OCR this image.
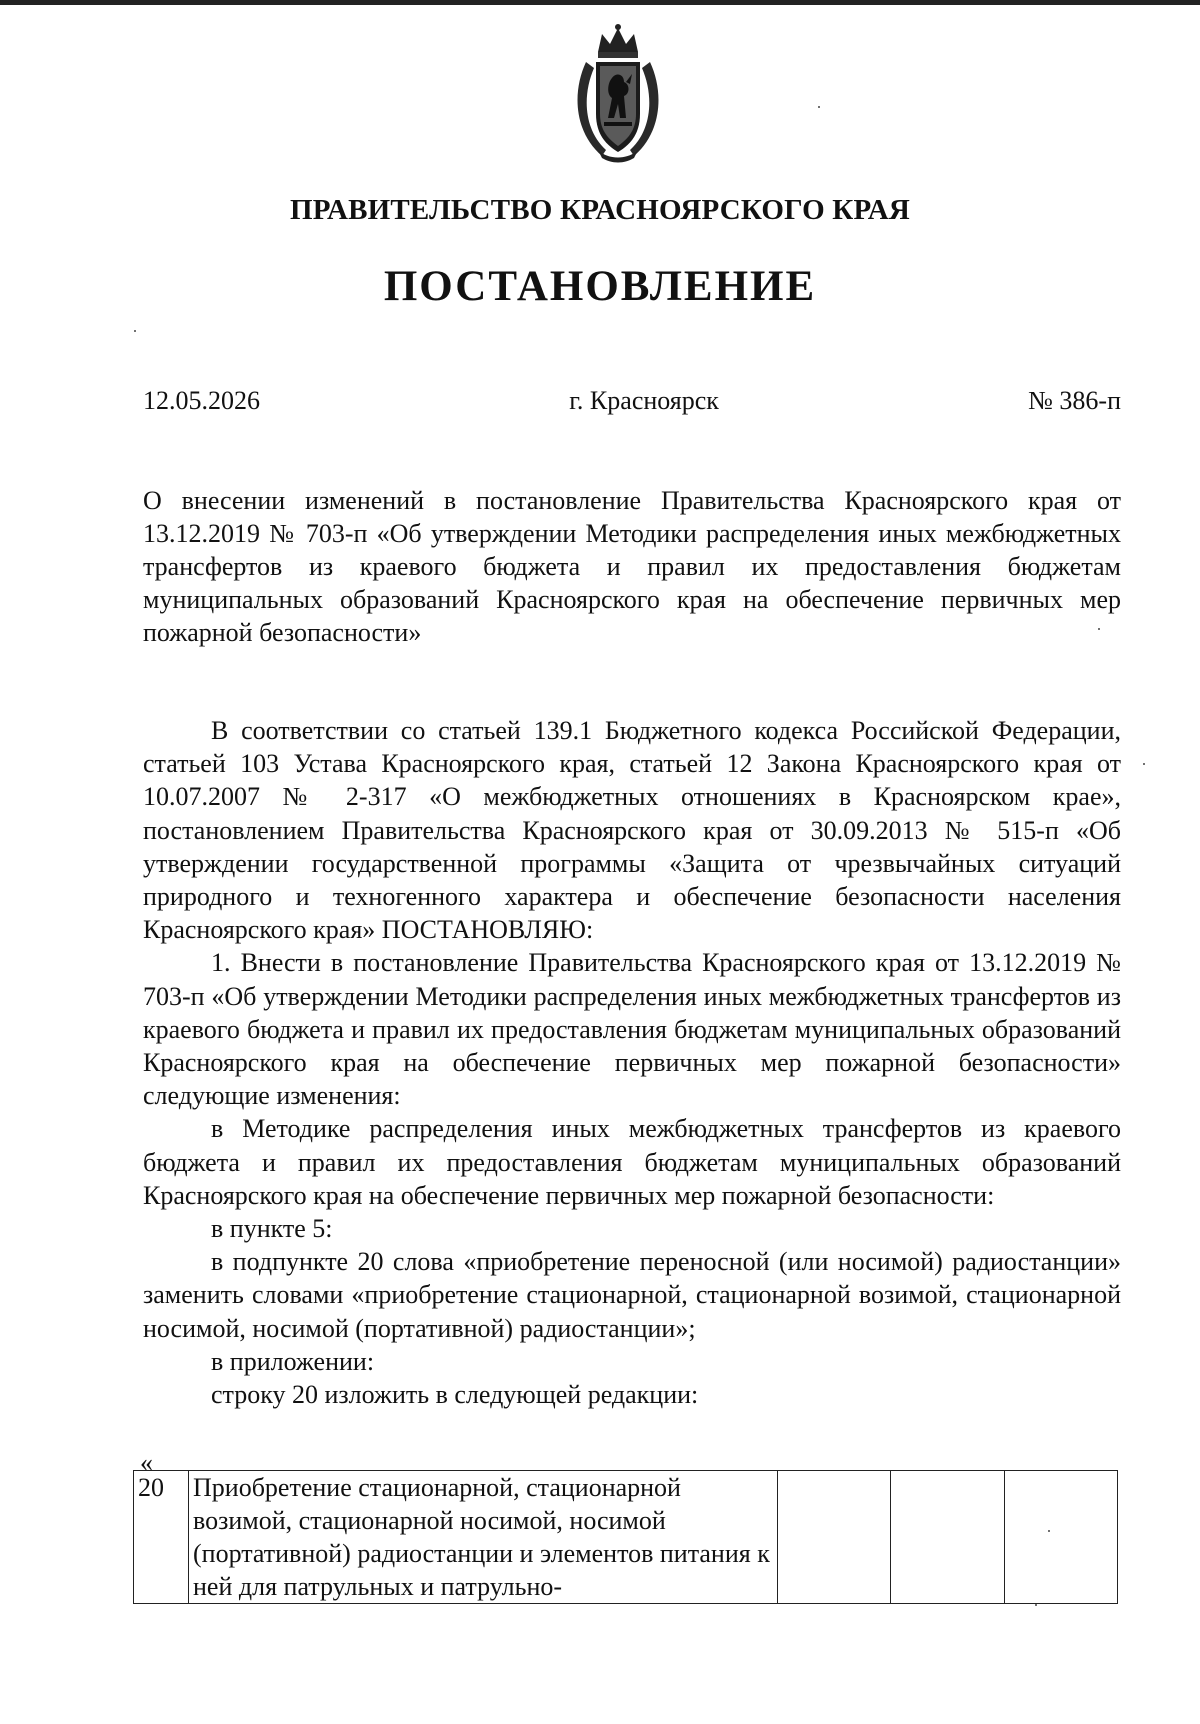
ПРАВИТЕЛЬСТВО КРАСНОЯРСКОГО КРАЯ
ПОСТАНОВЛЕНИЕ
12.05.2026	г. Красноярск	№ 386-п
О внесении изменений в постановление Правительства Красноярского края от 13.12.2019 № 703-п «Об утверждении Методики распределения иных межбюджетных трансфертов из краевого бюджета и правил их предоставления бюджетам муниципальных образований Красноярского края на обеспечение первичных мер пожарной безопасности»

В соответствии со статьей 139.1 Бюджетного кодекса Российской Федерации, статьей 103 Устава Красноярского края, статьей 12 Закона Красноярского края от 10.07.2007 № 2-317 «О межбюджетных отношениях в Красноярском крае», постановлением Правительства Красноярского края от 30.09.2013 № 515-п «Об утверждении государственной программы «Защита от чрезвычайных ситуаций природного и техногенного характера и обеспечение безопасности населения Красноярского края» ПОСТАНОВЛЯЮ:

1. Внести в постановление Правительства Красноярского края от 13.12.2019 № 703-п «Об утверждении Методики распределения иных межбюджетных трансфертов из краевого бюджета и правил их предоставления бюджетам муниципальных образований Красноярского края на обеспечение первичных мер пожарной безопасности» следующие изменения:

в Методике распределения иных межбюджетных трансфертов из краевого бюджета и правил их предоставления бюджетам муниципальных образований Красноярского края на обеспечение первичных мер пожарной безопасности:

в пункте 5:

в подпункте 20 слова «приобретение переносной (или носимой) радиостанции» заменить словами «приобретение стационарной, стационарной возимой, стационарной носимой, носимой (портативной) радиостанции»;

в приложении:

строку 20 изложить в следующей редакции:

«
20	Приобретение стационарной, стационарной возимой, стационарной носимой, носимой (портативной) радиостанции и элементов питания к ней для патрульных и патрульно-			
